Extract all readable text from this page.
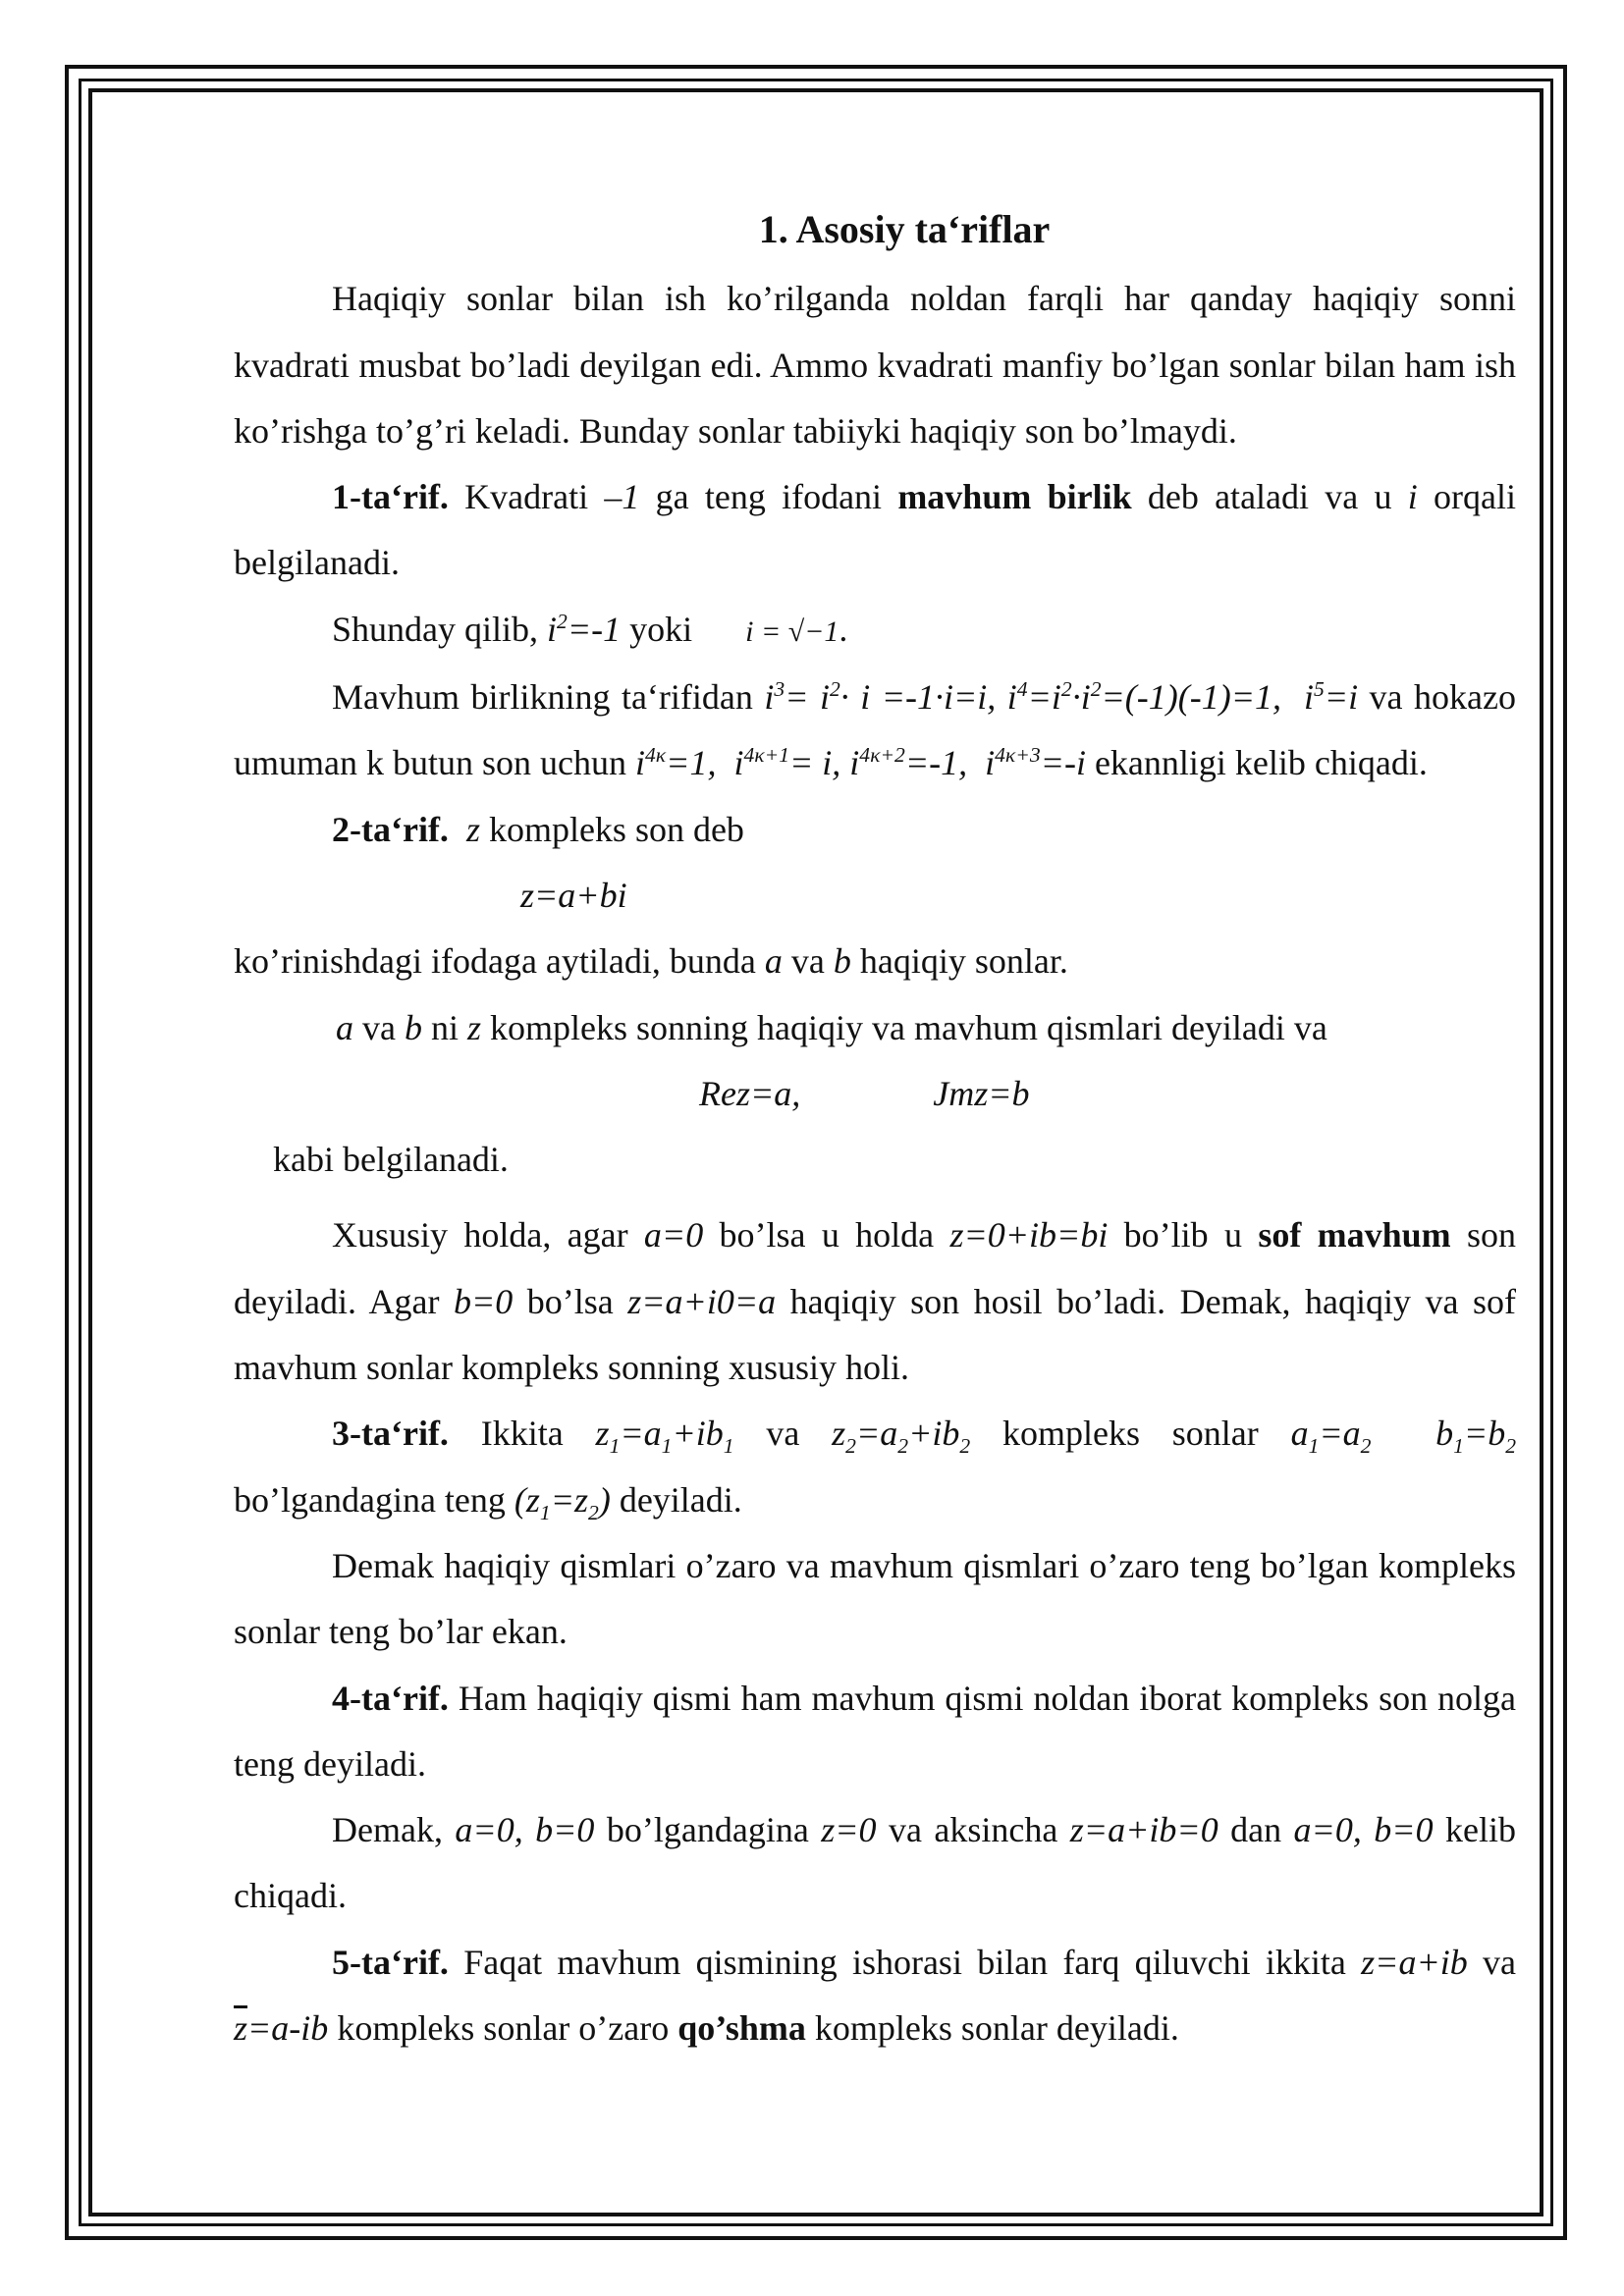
1. Asosiy ta‘riflar

Haqiqiy sonlar bilan ish ko’rilganda noldan farqli har qanday haqiqiy sonni kvadrati musbat bo’ladi deyilgan edi. Ammo kvadrati manfiy bo’lgan sonlar bilan ham ish ko’rishga to’g’ri keladi. Bunday sonlar tabiiyki haqiqiy son bo’lmaydi.

1-ta‘rif. Kvadrati –1 ga teng ifodani mavhum birlik deb ataladi va u i orqali belgilanadi.

Shunday qilib, $i^2=-1$ yoki i = √−1.

Mavhum birlikning ta‘rifidan $i^3= i^2\cdot i =-1\cdot i=i$, $i^4=i^2\cdot i^2=(-1)(-1)=1$,  $i^5=i$ va hokazo umuman k butun son uchun $i^{4\kappa}=1$,  $i^{4\kappa+1}= i$, $i^{4\kappa+2}=-1$,  $i^{4\kappa+3}=-i$ ekannligi kelib chiqadi.

2-ta‘rif. z kompleks son deb

z=a+bi

ko’rinishdagi ifodaga aytiladi, bunda a va b haqiqiy sonlar.

a va b ni z kompleks sonning haqiqiy va mavhum qismlari deyiladi va

Rez=a,	Jmz=b

kabi belgilanadi.

Xususiy holda, agar a=0 bo’lsa u holda z=0+ib=bi bo’lib u sof mavhum son deyiladi. Agar b=0 bo’lsa z=a+i0=a haqiqiy son hosil bo’ladi. Demak, haqiqiy va sof mavhum sonlar kompleks sonning xususiy holi.

3-ta‘rif. Ikkita $z_1=a_1+ib_1$ va $z_2=a_2+ib_2$ kompleks sonlar $a_1=a_2$  $b_1=b_2$ bo’lgandagina teng $(z_1=z_2)$ deyiladi.

Demak haqiqiy qismlari o’zaro va mavhum qismlari o’zaro teng bo’lgan kompleks sonlar teng bo’lar ekan.

4-ta‘rif. Ham haqiqiy qismi ham mavhum qismi noldan iborat kompleks son nolga teng deyiladi.

Demak, a=0, b=0 bo’lgandagina z=0 va aksincha z=a+ib=0 dan a=0, b=0 kelib chiqadi.

5-ta‘rif. Faqat mavhum qismining ishorasi bilan farq qiluvchi ikkita z=a+ib va $\overline{z}=a-ib$ kompleks sonlar o’zaro qo’shma kompleks sonlar deyiladi.
